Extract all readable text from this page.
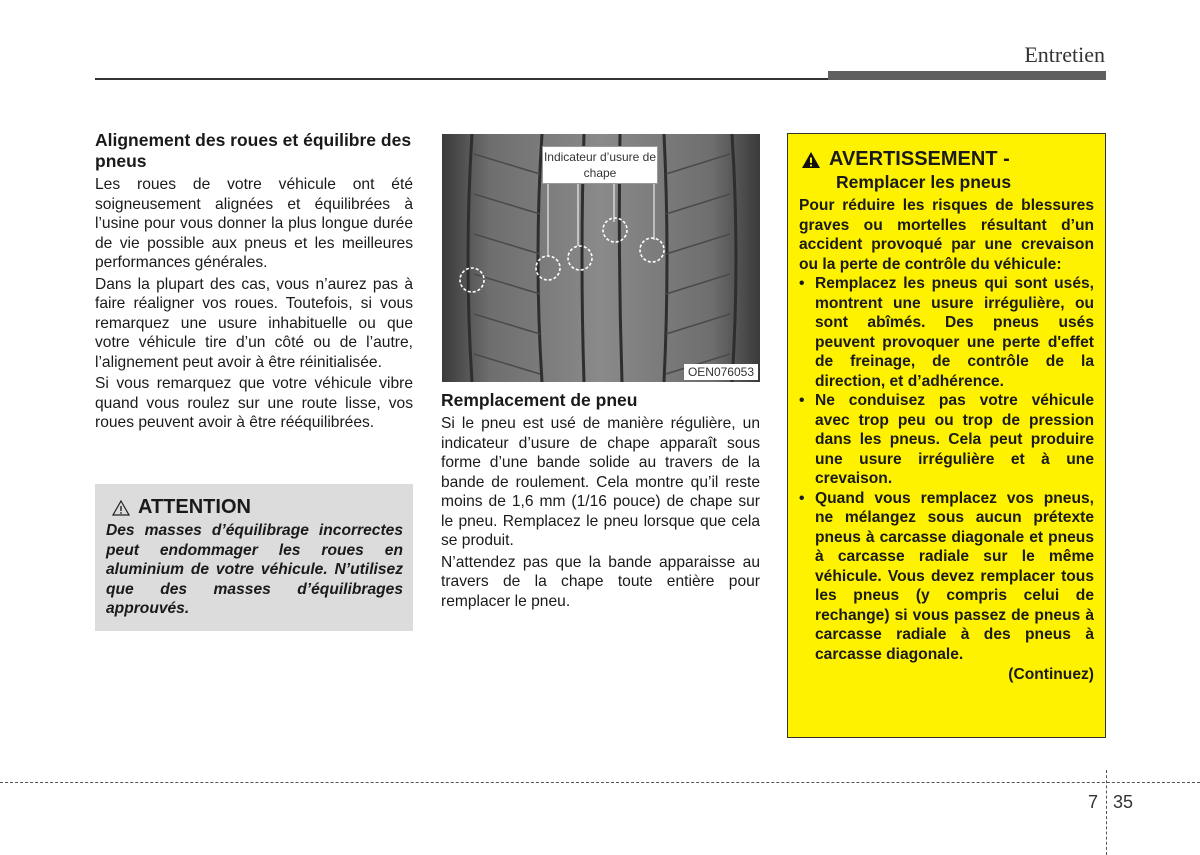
Entretien
Alignement des roues et équilibre des pneus

Les roues de votre véhicule ont été soigneusement alignées et équilibrées à l’usine pour vous donner la plus longue durée de vie possible aux pneus et les meilleures performances générales.

Dans la plupart des cas, vous n’aurez pas à faire réaligner vos roues. Toutefois, si vous remarquez une usure inhabituelle ou que votre véhicule tire d’un côté ou de l’autre, l’alignement peut avoir à être réinitialisée.

Si vous remarquez que votre véhicule vibre quand vous roulez sur une route lisse, vos roues peuvent avoir à être rééquilibrées.

ATTENTION
Des masses d’équilibrage incorrectes peut endommager les roues en aluminium de votre véhicule. N’utilisez que des masses d’équilibrages approuvés.
Indicateur d’usure de chape
OEN076053
Remplacement de pneu

Si le pneu est usé de manière régulière, un indicateur d’usure de chape apparaît sous forme d’une bande solide au travers de la bande de roulement. Cela montre qu’il reste moins de 1,6 mm (1/16 pouce) de chape sur le pneu. Remplacez le pneu lorsque que cela se produit.

N’attendez pas que la bande apparaisse au travers de la chape toute entière pour remplacer le pneu.

AVERTISSEMENT -
Remplacer les pneus
Pour réduire les risques de blessures graves ou mortelles résultant d’un accident provoqué par une crevaison ou la perte de contrôle du véhicule:
• Remplacez les pneus qui sont usés, montrent une usure irrégulière, ou sont abîmés. Des pneus usés peuvent provoquer une perte d'effet de freinage, de contrôle de la direction, et d’adhérence.
• Ne conduisez pas votre véhicule avec trop peu ou trop de pression dans les pneus. Cela peut produire une usure irrégulière et à une crevaison.
• Quand vous remplacez vos pneus, ne mélangez sous aucun prétexte pneus à carcasse diagonale et pneus à carcasse radiale sur le même véhicule. Vous devez remplacer tous les pneus (y compris celui de rechange) si vous passez de pneus à carcasse radiale à des pneus à carcasse diagonale.
(Continuez)
7 35
